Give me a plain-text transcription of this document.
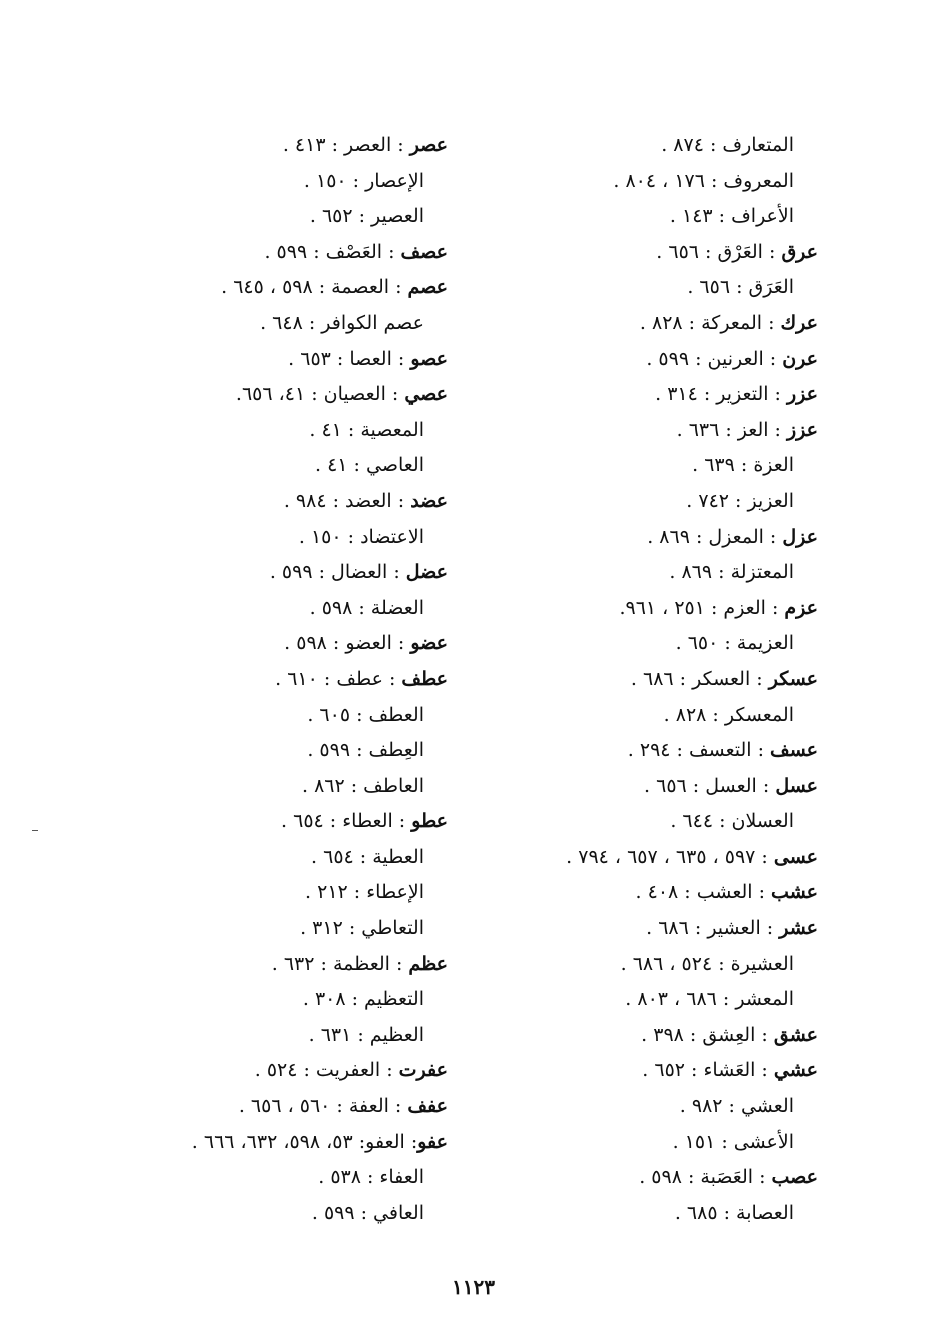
المتعارف : ٨٧٤ .
المعروف : ١٧٦ ، ٨٠٤ .
الأعراف : ١٤٣ .
عرق : العَرْق : ٦٥٦ .
العَرَق : ٦٥٦ .
عرك : المعركة : ٨٢٨ .
عرن : العرنين : ٥٩٩ .
عزر : التعزير : ٣١٤ .
عزز : العز : ٦٣٦ .
العزة : ٦٣٩ .
العزيز : ٧٤٢ .
عزل : المعزل : ٨٦٩ .
المعتزلة : ٨٦٩ .
عزم : العزم : ٢٥١ ، ٩٦١.
العزيمة : ٦٥٠ .
عسكر : العسكر : ٦٨٦ .
المعسكر : ٨٢٨ .
عسف : التعسف : ٢٩٤ .
عسل : العسل : ٦٥٦ .
العسلان : ٦٤٤ .
عسى : ٥٩٧ ، ٦٣٥ ، ٦٥٧ ، ٧٩٤ .
عشب : العشب : ٤٠٨ .
عشر : العشير : ٦٨٦ .
العشيرة : ٥٢٤ ، ٦٨٦ .
المعشر : ٦٨٦ ، ٨٠٣ .
عشق : العِشق : ٣٩٨ .
عشي : العَشاء : ٦٥٢ .
العشي : ٩٨٢ .
الأعشى : ١٥١ .
عصب : العَصَبة : ٥٩٨ .
العصابة : ٦٨٥ .
عصر : العصر : ٤١٣ .
الإعصار : ١٥٠ .
العصير : ٦٥٢ .
عصف : العَصْف : ٥٩٩ .
عصم : العصمة : ٥٩٨ ، ٦٤٥ .
عصم الكوافر : ٦٤٨ .
عصو : العصا : ٦٥٣ .
عصي : العصيان : ٤١، ٦٥٦.
المعصية : ٤١ .
العاصي : ٤١ .
عضد : العضد : ٩٨٤ .
الاعتضاد : ١٥٠ .
عضل : العضال : ٥٩٩ .
العضلة : ٥٩٨ .
عضو : العضو : ٥٩٨ .
عطف : عطف : ٦١٠ .
العطف : ٦٠٥ .
العِطف : ٥٩٩ .
العاطف : ٨٦٢ .
عطو : العطاء : ٦٥٤ .
العطية : ٦٥٤ .
الإعطاء : ٢١٢ .
التعاطي : ٣١٢ .
عظم : العظمة : ٦٣٢ .
التعظيم : ٣٠٨ .
العظيم : ٦٣١ .
عفرت : العفريت : ٥٢٤ .
عفف : العفة : ٥٦٠ ، ٦٥٦ .
عفو: العفو: ٥٣، ٥٩٨، ٦٣٢، ٦٦٦ .
العفاء : ٥٣٨ .
العافي : ٥٩٩ .
١١٢٣
